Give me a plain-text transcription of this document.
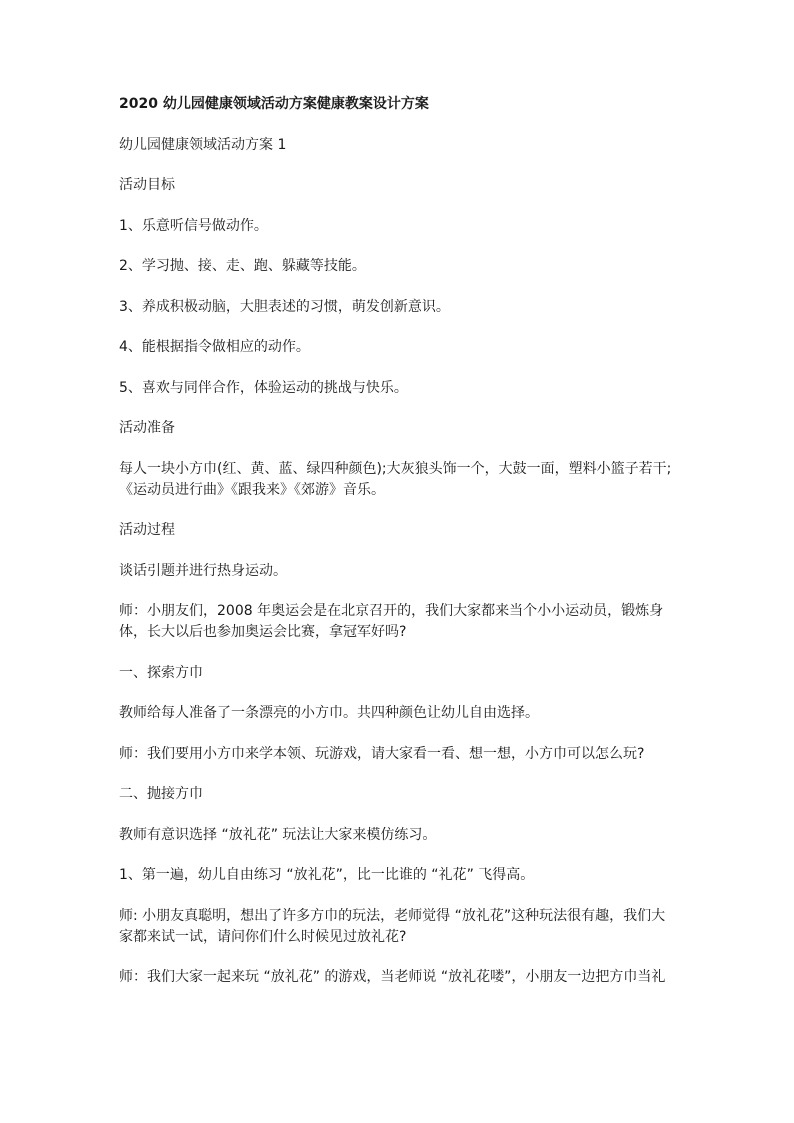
2020 幼儿园健康领域活动方案健康教案设计方案

幼儿园健康领域活动方案 1

活动目标

1、乐意听信号做动作。

2、学习抛、接、走、跑、躲藏等技能。

3、养成积极动脑，大胆表述的习惯，萌发创新意识。

4、能根据指令做相应的动作。

5、喜欢与同伴合作，体验运动的挑战与快乐。

活动准备

每人一块小方巾(红、黄、蓝、绿四种颜色);大灰狼头饰一个，大鼓一面，塑料小篮子若干;《运动员进行曲》《跟我来》《郊游》音乐。

活动过程

谈话引题并进行热身运动。

师：小朋友们，2008 年奥运会是在北京召开的，我们大家都来当个小小运动员，锻炼身体，长大以后也参加奥运会比赛，拿冠军好吗?

一、探索方巾

教师给每人准备了一条漂亮的小方巾。共四种颜色让幼儿自由选择。

师：我们要用小方巾来学本领、玩游戏，请大家看一看、想一想，小方巾可以怎么玩?

二、抛接方巾

教师有意识选择 “放礼花” 玩法让大家来模仿练习。

1、第一遍，幼儿自由练习 “放礼花”，比一比谁的 “礼花” 飞得高。

师: 小朋友真聪明，想出了许多方巾的玩法，老师觉得 “放礼花”这种玩法很有趣，我们大家都来试一试，请问你们什么时候见过放礼花?

师：我们大家一起来玩 “放礼花” 的游戏，当老师说 “放礼花喽”，小朋友一边把方巾当礼
